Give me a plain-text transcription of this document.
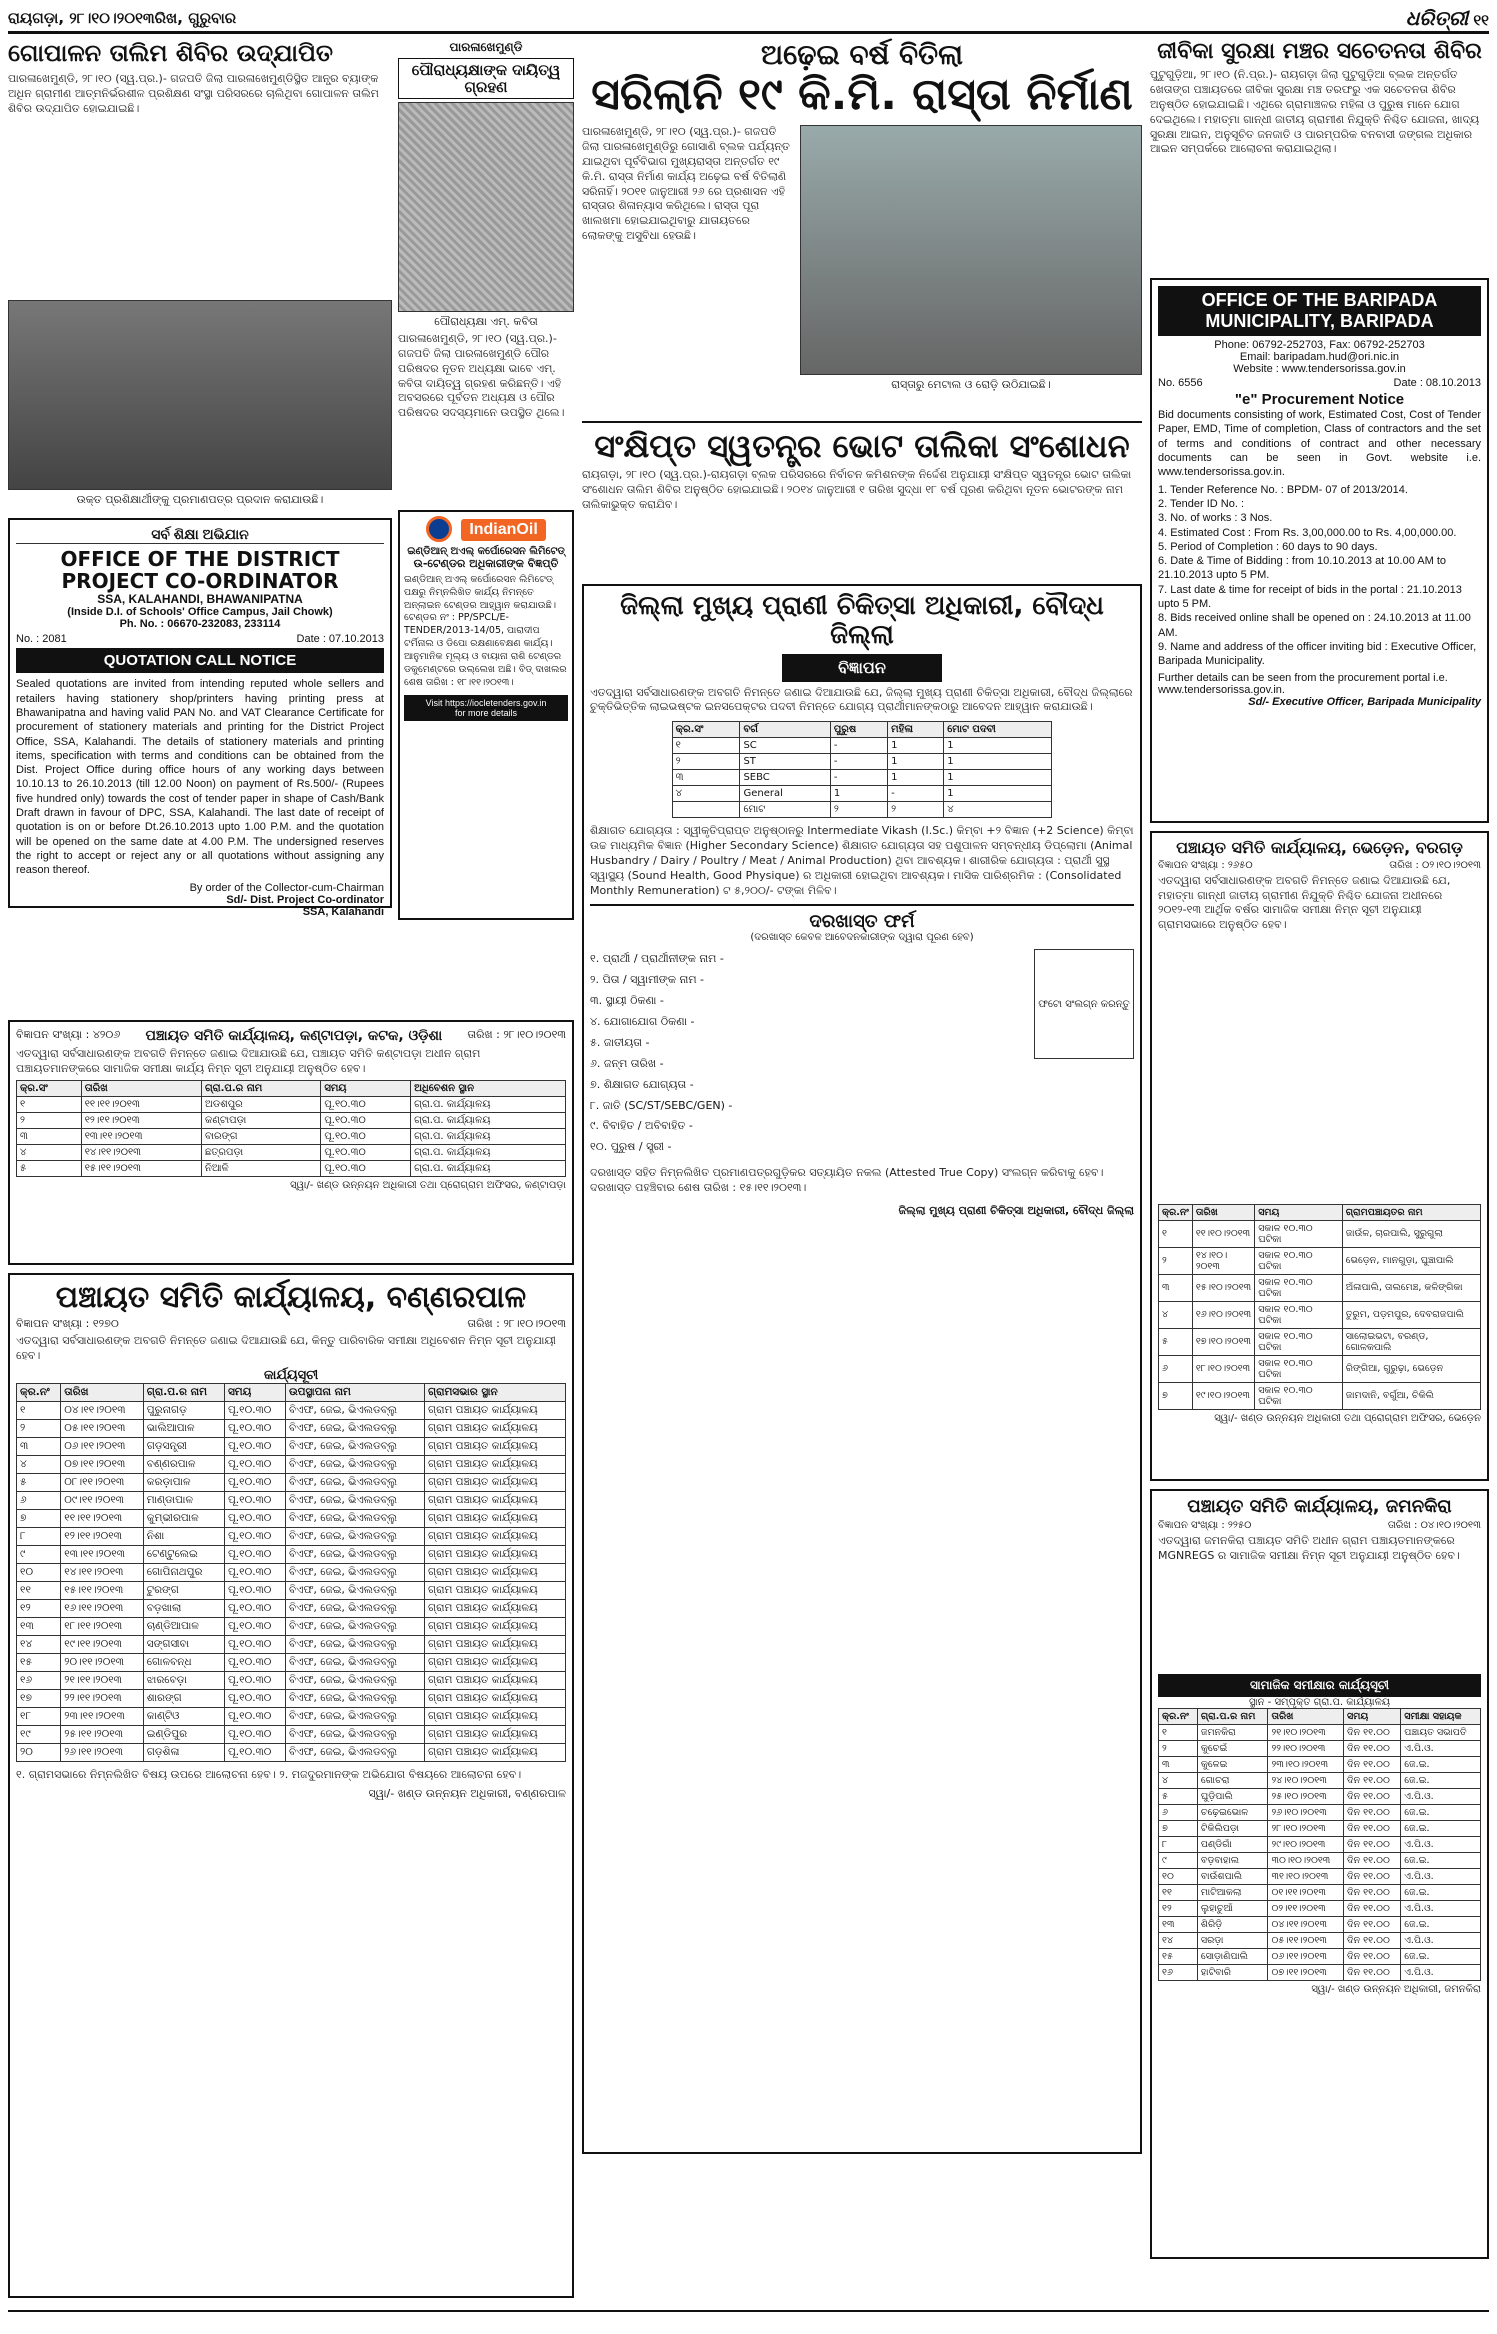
ରାୟଗଡ଼ା, ୨୮।୧୦।୨୦୧୩ରିଖ, ଗୁରୁବାର	ଧରିତ୍ରୀ ୧୧
ଗୋପାଳନ ତାଲିମ ଶିବିର ଉଦ୍‌ଯାପିତ

ପାରଳାଖେମୁଣ୍ଡି, ୨୮।୧୦ (ସ୍ୱ.ପ୍ର.)- ଗଜପତି ଜିଲା ପାରଳାଖେମୁଣ୍ଡିସ୍ଥିତ ଆନ୍ଧ୍ର ବ୍ୟାଙ୍କ ଅଧିନ ଗ୍ରାମୀଣ ଆତ୍ମନିର୍ଭରଶୀଳ ପ୍ରଶିକ୍ଷଣ ସଂସ୍ଥା ପରିସରରେ ଚାଲିଥିବା ଗୋପାଳନ ତାଲିମ ଶିବିର ଉଦ୍‌ଯାପିତ ହୋଇଯାଇଛି।

ଉକ୍ତ ପ୍ରଶିକ୍ଷାର୍ଥୀଙ୍କୁ ପ୍ରମାଣପତ୍ର ପ୍ରଦାନ କରାଯାଉଛି।

ସର୍ବ ଶିକ୍ଷା ଅଭିଯାନ
OFFICE OF THE DISTRICT PROJECT CO-ORDINATOR

SSA, KALAHANDI, BHAWANIPATNA

(Inside D.I. of Schools' Office Campus, Jail Chowk)

Ph. No. : 06670-232083, 233114

No. : 2081	Date : 07.10.2013
QUOTATION CALL NOTICE

Sealed quotations are invited from intending reputed whole sellers and retailers having stationery shop/printers having printing press at Bhawanipatna and having valid PAN No. and VAT Clearance Certificate for procurement of stationery materials and printing for the District Project Office, SSA, Kalahandi. The details of stationery materials and printing items, specification with terms and conditions can be obtained from the Dist. Project Office during office hours of any working days between 10.10.13 to 26.10.2013 (till 12.00 Noon) on payment of Rs.500/- (Rupees five hundred only) towards the cost of tender paper in shape of Cash/Bank Draft drawn in favour of DPC, SSA, Kalahandi. The last date of receipt of quotation is on or before Dt.26.10.2013 upto 1.00 P.M. and the quotation will be opened on the same date at 4.00 P.M. The undersigned reserves the right to accept or reject any or all quotations without assigning any reason thereof.

By order of the Collector-cum-Chairman

Sd/- Dist. Project Co-ordinator

SSA, Kalahandi

ବିଜ୍ଞାପନ ସଂଖ୍ୟା : ୪୨୦୬ ପଞ୍ଚାୟତ ସମିତି କାର୍ଯ୍ୟାଳୟ, କଣ୍ଟାପଡ଼ା, କଟକ, ଓଡ଼ିଶା ତାରିଖ : ୨୮।୧୦।୨୦୧୩

ଏତଦ୍ୱାରା ସର୍ବସାଧାରଣଙ୍କ ଅବଗତି ନିମନ୍ତେ ଜଣାଇ ଦିଆଯାଉଛି ଯେ, ପଞ୍ଚାୟତ ସମିତି କଣ୍ଟାପଡ଼ା ଅଧୀନ ଗ୍ରାମ ପଞ୍ଚାୟତମାନଙ୍କରେ ସାମାଜିକ ସମୀକ୍ଷା କାର୍ଯ୍ୟ ନିମ୍ନ ସୂଚୀ ଅନୁଯାୟୀ ଅନୁଷ୍ଠିତ ହେବ।

କ୍ର.ସଂ	ତାରିଖ	ଗ୍ରା.ପ.ର ନାମ	ସମୟ	ଅଧିବେଶନ ସ୍ଥାନ
୧	୧୧।୧୧।୨୦୧୩	ଅଡଶପୁର	ପୂ.୧୦.୩୦	ଗ୍ରା.ପ. କାର୍ଯ୍ୟାଳୟ
୨	୧୨।୧୧।୨୦୧୩	କଣ୍ଟାପଡ଼ା	ପୂ.୧୦.୩୦	ଗ୍ରା.ପ. କାର୍ଯ୍ୟାଳୟ
୩	୧୩।୧୧।୨୦୧୩	ବାରଙ୍ଗ	ପୂ.୧୦.୩୦	ଗ୍ରା.ପ. କାର୍ଯ୍ୟାଳୟ
୪	୧୪।୧୧।୨୦୧୩	ଛତ୍ରପଡ଼ା	ପୂ.୧୦.୩୦	ଗ୍ରା.ପ. କାର୍ଯ୍ୟାଳୟ
୫	୧୫।୧୧।୨୦୧୩	ନିଆଳି	ପୂ.୧୦.୩୦	ଗ୍ରା.ପ. କାର୍ଯ୍ୟାଳୟ

ସ୍ୱା/- ଖଣ୍ଡ ଉନ୍ନୟନ ଅଧିକାରୀ ତଥା ପ୍ରୋଗ୍ରାମ ଅଫିସର, କଣ୍ଟାପଡ଼ା

ପଞ୍ଚାୟତ ସମିତି କାର୍ଯ୍ୟାଳୟ, ବଣ୍ଣରପାଳ
ବିଜ୍ଞାପନ ସଂଖ୍ୟା : ୧୨୭୦	ତାରିଖ : ୨୮।୧୦।୨୦୧୩

ଏତଦ୍ୱାରା ସର୍ବସାଧାରଣଙ୍କ ଅବଗତି ନିମନ୍ତେ ଜଣାଇ ଦିଆଯାଉଛି ଯେ, କିନ୍ତୁ ପାରିବାରିକ ସମୀକ୍ଷା ଅଧିବେଶନ ନିମ୍ନ ସୂଚୀ ଅନୁଯାୟୀ ହେବ।

କାର୍ଯ୍ୟସୂଚୀ

କ୍ର.ନଂ	ତାରିଖ	ଗ୍ରା.ପ.ର ନାମ	ସମୟ	ଉପସ୍ଥାପନା ନାମ	ଗ୍ରାମସଭାର ସ୍ଥାନ
୧	୦୪।୧୧।୨୦୧୩	ପୁରୁନାଗଡ଼	ପୂ.୧୦.୩୦	ବିଏଫ, ଜେଇ, ଭିଏଲଡବ୍ଲୁ	ଗ୍ରାମ ପଞ୍ଚାୟତ କାର୍ଯ୍ୟାଳୟ
୨	୦୫।୧୧।୨୦୧୩	ଭାଲିଆପାଳ	ପୂ.୧୦.୩୦	ବିଏଫ, ଜେଇ, ଭିଏଲଡବ୍ଲୁ	ଗ୍ରାମ ପଞ୍ଚାୟତ କାର୍ଯ୍ୟାଳୟ
୩	୦୬।୧୧।୨୦୧୩	ଗଡ଼ସନ୍ତ୍ରୀ	ପୂ.୧୦.୩୦	ବିଏଫ, ଜେଇ, ଭିଏଲଡବ୍ଲୁ	ଗ୍ରାମ ପଞ୍ଚାୟତ କାର୍ଯ୍ୟାଳୟ
୪	୦୭।୧୧।୨୦୧୩	ବଣ୍ଣରପାଳ	ପୂ.୧୦.୩୦	ବିଏଫ, ଜେଇ, ଭିଏଲଡବ୍ଲୁ	ଗ୍ରାମ ପଞ୍ଚାୟତ କାର୍ଯ୍ୟାଳୟ
୫	୦୮।୧୧।୨୦୧୩	କରଡ଼ାପାଳ	ପୂ.୧୦.୩୦	ବିଏଫ, ଜେଇ, ଭିଏଲଡବ୍ଲୁ	ଗ୍ରାମ ପଞ୍ଚାୟତ କାର୍ଯ୍ୟାଳୟ
୬	୦୯।୧୧।୨୦୧୩	ମାଣ୍ଡାପାଳ	ପୂ.୧୦.୩୦	ବିଏଫ, ଜେଇ, ଭିଏଲଡବ୍ଲୁ	ଗ୍ରାମ ପଞ୍ଚାୟତ କାର୍ଯ୍ୟାଳୟ
୭	୧୧।୧୧।୨୦୧୩	କୁମ୍ଭୀରପାଳ	ପୂ.୧୦.୩୦	ବିଏଫ, ଜେଇ, ଭିଏଲଡବ୍ଲୁ	ଗ୍ରାମ ପଞ୍ଚାୟତ କାର୍ଯ୍ୟାଳୟ
୮	୧୨।୧୧।୨୦୧୩	ନିଶା	ପୂ.୧୦.୩୦	ବିଏଫ, ଜେଇ, ଭିଏଲଡବ୍ଲୁ	ଗ୍ରାମ ପଞ୍ଚାୟତ କାର୍ଯ୍ୟାଳୟ
୯	୧୩।୧୧।୨୦୧୩	ଟେଣ୍ଟୁଲେଇ	ପୂ.୧୦.୩୦	ବିଏଫ, ଜେଇ, ଭିଏଲଡବ୍ଲୁ	ଗ୍ରାମ ପଞ୍ଚାୟତ କାର୍ଯ୍ୟାଳୟ
୧୦	୧୪।୧୧।୨୦୧୩	ଗୋପିନାଥପୁର	ପୂ.୧୦.୩୦	ବିଏଫ, ଜେଇ, ଭିଏଲଡବ୍ଲୁ	ଗ୍ରାମ ପଞ୍ଚାୟତ କାର୍ଯ୍ୟାଳୟ
୧୧	୧୫।୧୧।୨୦୧୩	ଟୁରଙ୍ଗ	ପୂ.୧୦.୩୦	ବିଏଫ, ଜେଇ, ଭିଏଲଡବ୍ଲୁ	ଗ୍ରାମ ପଞ୍ଚାୟତ କାର୍ଯ୍ୟାଳୟ
୧୨	୧୬।୧୧।୨୦୧୩	ବଡ଼ଖାଲା	ପୂ.୧୦.୩୦	ବିଏଫ, ଜେଇ, ଭିଏଲଡବ୍ଲୁ	ଗ୍ରାମ ପଞ୍ଚାୟତ କାର୍ଯ୍ୟାଳୟ
୧୩	୧୮।୧୧।୨୦୧୩	ଚାଣ୍ଡିଆପାଳ	ପୂ.୧୦.୩୦	ବିଏଫ, ଜେଇ, ଭିଏଲଡବ୍ଲୁ	ଗ୍ରାମ ପଞ୍ଚାୟତ କାର୍ଯ୍ୟାଳୟ
୧୪	୧୯।୧୧।୨୦୧୩	ସଙ୍ଗସୀବା	ପୂ.୧୦.୩୦	ବିଏଫ, ଜେଇ, ଭିଏଲଡବ୍ଲୁ	ଗ୍ରାମ ପଞ୍ଚାୟତ କାର୍ଯ୍ୟାଳୟ
୧୫	୨୦।୧୧।୨୦୧୩	ଗୋଳବନ୍ଧ	ପୂ.୧୦.୩୦	ବିଏଫ, ଜେଇ, ଭିଏଲଡବ୍ଲୁ	ଗ୍ରାମ ପଞ୍ଚାୟତ କାର୍ଯ୍ୟାଳୟ
୧୬	୨୧।୧୧।୨୦୧୩	ଝାରବେଡ଼ା	ପୂ.୧୦.୩୦	ବିଏଫ, ଜେଇ, ଭିଏଲଡବ୍ଲୁ	ଗ୍ରାମ ପଞ୍ଚାୟତ କାର୍ଯ୍ୟାଳୟ
୧୭	୨୨।୧୧।୨୦୧୩	ଶାରଙ୍ଗ	ପୂ.୧୦.୩୦	ବିଏଫ, ଜେଇ, ଭିଏଲଡବ୍ଲୁ	ଗ୍ରାମ ପଞ୍ଚାୟତ କାର୍ଯ୍ୟାଳୟ
୧୮	୨୩।୧୧।୨୦୧୩	କାଣ୍ଟିଓ	ପୂ.୧୦.୩୦	ବିଏଫ, ଜେଇ, ଭିଏଲଡବ୍ଲୁ	ଗ୍ରାମ ପଞ୍ଚାୟତ କାର୍ଯ୍ୟାଳୟ
୧୯	୨୫।୧୧।୨୦୧୩	ଇଣ୍ଡିପୁର	ପୂ.୧୦.୩୦	ବିଏଫ, ଜେଇ, ଭିଏଲଡବ୍ଲୁ	ଗ୍ରାମ ପଞ୍ଚାୟତ କାର୍ଯ୍ୟାଳୟ
୨୦	୨୬।୧୧।୨୦୧୩	ଗଡ଼ଶିଳା	ପୂ.୧୦.୩୦	ବିଏଫ, ଜେଇ, ଭିଏଲଡବ୍ଲୁ	ଗ୍ରାମ ପଞ୍ଚାୟତ କାର୍ଯ୍ୟାଳୟ

୧. ଗ୍ରାମସଭାରେ ନିମ୍ନଲିଖିତ ବିଷୟ ଉପରେ ଆଲୋଚନା ହେବ। ୨. ମଜଦୁରମାନଙ୍କ ଅଭିଯୋଗ ବିଷୟରେ ଆଲୋଚନା ହେବ।

ସ୍ୱା/- ଖଣ୍ଡ ଉନ୍ନୟନ ଅଧିକାରୀ, ବଣ୍ଣରପାଳ

ପାରଳାଖେମୁଣ୍ଡି

ପୌରାଧ୍ୟକ୍ଷାଙ୍କ ଦାୟିତ୍ୱ ଗ୍ରହଣ

ପୌରାଧ୍ୟକ୍ଷା ଏମ୍. କବିତା

ପାରଳାଖେମୁଣ୍ଡି, ୨୮।୧୦ (ସ୍ୱ.ପ୍ର.)- ଗଜପତି ଜିଲା ପାରଳାଖେମୁଣ୍ଡି ପୌର ପରିଷଦର ନୂତନ ଅଧ୍ୟକ୍ଷା ଭାବେ ଏମ୍. କବିତା ଦାୟିତ୍ୱ ଗ୍ରହଣ କରିଛନ୍ତି। ଏହି ଅବସରରେ ପୂର୍ବତନ ଅଧ୍ୟକ୍ଷ ଓ ପୌର ପରିଷଦର ସଦସ୍ୟମାନେ ଉପସ୍ଥିତ ଥିଲେ।

IndianOil

ଇଣ୍ଡିଆନ୍ ଅଏଲ୍ କର୍ପୋରେସନ ଲିମିଟେଡ୍

ଉ-ଟେଣ୍ଡର ଅଧିକାରୀଙ୍କ ବିଜ୍ଞପ୍ତି

ଇଣ୍ଡିଆନ୍ ଅଏଲ୍ କର୍ପୋରେସନ ଲିମିଟେଡ୍ ପକ୍ଷରୁ ନିମ୍ନଲିଖିତ କାର୍ଯ୍ୟ ନିମନ୍ତେ ଅନ୍‌ଲାଇନ ଟେଣ୍ଡର ଆହ୍ୱାନ କରାଯାଉଛି। ଟେଣ୍ଡର ନଂ : PP/SPCL/E-TENDER/2013-14/05, ପାରାଦୀପ ଟର୍ମିନାଲ ଓ ଡିପୋ ରକ୍ଷଣାବେକ୍ଷଣ କାର୍ଯ୍ୟ। ଆନୁମାନିକ ମୂଲ୍ୟ ଓ ବାୟାନା ରାଶି ଟେଣ୍ଡର ଡକୁମେଣ୍ଟରେ ଉଲ୍ଲେଖ ଅଛି। ବିଡ୍ ଦାଖଲର ଶେଷ ତାରିଖ : ୧୮।୧୧।୨୦୧୩।

Visit https://iocletenders.gov.in
for more details
ଅଢ଼େଇ ବର୍ଷ ବିତିଲା
ସରିଲାନି ୧୯ କି.ମି. ରାସ୍ତା ନିର୍ମାଣ

ପାରଳାଖେମୁଣ୍ଡି, ୨୮।୧୦ (ସ୍ୱ.ପ୍ର.)- ଗଜପତି ଜିଲା ପାରଳାଖେମୁଣ୍ଡିରୁ ଗୋସାଣି ବ୍ଲକ ପର୍ଯ୍ୟନ୍ତ ଯାଇଥିବା ପୂର୍ବବିଭାଗ ମୁଖ୍ୟରାସ୍ତା ଅନ୍ତର୍ଗତ ୧୯ କି.ମି. ରାସ୍ତା ନିର୍ମାଣ କାର୍ଯ୍ୟ ଅଢ଼େଇ ବର୍ଷ ବିତିଲାଣି ସରିନାହିଁ। ୨୦୧୧ ଜାନୁଆରୀ ୨୬ ରେ ପ୍ରଶାସନ ଏହି ରାସ୍ତାର ଶିଳାନ୍ୟାସ କରିଥିଲେ। ରାସ୍ତା ପୂରା ଖାଲଖମା ହୋଇଯାଇଥିବାରୁ ଯାତାୟତରେ ଲୋକଙ୍କୁ ଅସୁବିଧା ହେଉଛି।

ରାସ୍ତାରୁ ମେଟାଲ ଓ ରୋଡ଼ି ଉଠିଯାଇଛି।

ସଂକ୍ଷିପ୍ତ ସ୍ୱତନ୍ତ୍ର ଭୋଟ ତାଲିକା ସଂଶୋଧନ

ରାୟଗଡ଼ା, ୨୮।୧୦ (ସ୍ୱ.ପ୍ର.)-ରାୟଗଡ଼ା ବ୍ଲକ ପରିସରରେ ନିର୍ବାଚନ କମିଶନଙ୍କ ନିର୍ଦ୍ଦେଶ ଅନୁଯାୟୀ ସଂକ୍ଷିପ୍ତ ସ୍ୱତନ୍ତ୍ର ଭୋଟ ତାଲିକା ସଂଶୋଧନ ତାଲିମ ଶିବିର ଅନୁଷ୍ଠିତ ହୋଇଯାଇଛି। ୨୦୧୪ ଜାନୁଆରୀ ୧ ତାରିଖ ସୁଦ୍ଧା ୧୮ ବର୍ଷ ପୂରଣ କରିଥିବା ନୂତନ ଭୋଟରଙ୍କ ନାମ ତାଲିକାଭୁକ୍ତ କରାଯିବ।

ଜିଲ୍ଲା ମୁଖ୍ୟ ପ୍ରାଣୀ ଚିକିତ୍ସା ଅଧିକାରୀ, ବୌଦ୍ଧ ଜିଲ୍ଲା
ବିଜ୍ଞାପନ

ଏତଦ୍ୱାରା ସର୍ବସାଧାରଣଙ୍କ ଅବଗତି ନିମନ୍ତେ ଜଣାଇ ଦିଆଯାଉଛି ଯେ, ଜିଲ୍ଲା ମୁଖ୍ୟ ପ୍ରାଣୀ ଚିକିତ୍ସା ଅଧିକାରୀ, ବୌଦ୍ଧ ଜିଲ୍ଲାରେ ଚୁକ୍ତିଭିତ୍ତିକ ଲାଇଭଷ୍ଟକ ଇନସପେକ୍ଟର ପଦବୀ ନିମନ୍ତେ ଯୋଗ୍ୟ ପ୍ରାର୍ଥୀମାନଙ୍କଠାରୁ ଆବେଦନ ଆହ୍ୱାନ କରାଯାଉଛି।

କ୍ର.ସଂ	ବର୍ଗ	ପୁରୁଷ	ମହିଳା	ମୋଟ ପଦବୀ
୧	SC	-	1	1
୨	ST	-	1	1
୩	SEBC	-	1	1
୪	General	1	-	1
	ମୋଟ	୨	୨	୪

ଶିକ୍ଷାଗତ ଯୋଗ୍ୟତା : ସ୍ୱୀକୃତିପ୍ରାପ୍ତ ଅନୁଷ୍ଠାନରୁ Intermediate Vikash (I.Sc.) କିମ୍ବା +୨ ବିଜ୍ଞାନ (+2 Science) କିମ୍ବା ଉଚ୍ଚ ମାଧ୍ୟମିକ ବିଜ୍ଞାନ (Higher Secondary Science) ଶିକ୍ଷାଗତ ଯୋଗ୍ୟତା ସହ ପଶୁପାଳନ ସମ୍ବନ୍ଧୀୟ ଡିପ୍ଲୋମା (Animal Husbandry / Dairy / Poultry / Meat / Animal Production) ଥିବା ଆବଶ୍ୟକ। ଶାରୀରିକ ଯୋଗ୍ୟତା : ପ୍ରାର୍ଥୀ ସୁସ୍ଥ ସ୍ୱାସ୍ଥ୍ୟ (Sound Health, Good Physique) ର ଅଧିକାରୀ ହୋଇଥିବା ଆବଶ୍ୟକ। ମାସିକ ପାରିଶ୍ରମିକ : (Consolidated Monthly Remuneration) ଟ ୫,୨୦୦/- ଟଙ୍କା ମିଳିବ।

ଦରଖାସ୍ତ ଫର୍ମ

(ଦରଖାସ୍ତ କେବଳ ଆବେଦନକାରୀଙ୍କ ଦ୍ୱାରା ପୂରଣ ହେବ)

୧. ପ୍ରାର୍ଥୀ / ପ୍ରାର୍ଥୀନୀଙ୍କ ନାମ -
୨. ପିତା / ସ୍ୱାମୀଙ୍କ ନାମ -
୩. ସ୍ଥାୟୀ ଠିକଣା -
୪. ଯୋଗାଯୋଗ ଠିକଣା -
୫. ଜାତୀୟତା -
୬. ଜନ୍ମ ତାରିଖ -
୭. ଶିକ୍ଷାଗତ ଯୋଗ୍ୟତା -
୮. ଜାତି (SC/ST/SEBC/GEN) -
୯. ବିବାହିତ / ଅବିବାହିତ -
୧୦. ପୁରୁଷ / ସ୍ତ୍ରୀ -
ଫଟୋ ସଂଲଗ୍ନ କରନ୍ତୁ

ଦରଖାସ୍ତ ସହିତ ନିମ୍ନଲିଖିତ ପ୍ରମାଣପତ୍ରଗୁଡ଼ିକର ସତ୍ୟାୟିତ ନକଲ (Attested True Copy) ସଂଲଗ୍ନ କରିବାକୁ ହେବ। ଦରଖାସ୍ତ ପହଞ୍ଚିବାର ଶେଷ ତାରିଖ : ୧୫।୧୧।୨୦୧୩।

ଜିଲ୍ଲା ମୁଖ୍ୟ ପ୍ରାଣୀ ଚିକିତ୍ସା ଅଧିକାରୀ, ବୌଦ୍ଧ ଜିଲ୍ଲା

ଜୀବିକା ସୁରକ୍ଷା ମଞ୍ଚର ସଚେତନତା ଶିବିର

ପୁଟୁଗୁଡ଼ିଆ, ୨୮।୧୦ (ନି.ପ୍ର.)- ରାୟଗଡ଼ା ଜିଲା ପୁଟୁଗୁଡ଼ିଆ ବ୍ଲକ ଅନ୍ତର୍ଗତ ଖେତାଙ୍ଗ ପଞ୍ଚାୟତରେ ଜୀବିକା ସୁରକ୍ଷା ମଞ୍ଚ ତରଫରୁ ଏକ ସଚେତନତା ଶିବିର ଅନୁଷ୍ଠିତ ହୋଇଯାଇଛି। ଏଥିରେ ଗ୍ରାମାଞ୍ଚଳର ମହିଳା ଓ ପୁରୁଷ ମାନେ ଯୋଗ ଦେଇଥିଲେ। ମହାତ୍ମା ଗାନ୍ଧୀ ଜାତୀୟ ଗ୍ରାମୀଣ ନିଯୁକ୍ତି ନିଶ୍ଚିତ ଯୋଜନା, ଖାଦ୍ୟ ସୁରକ୍ଷା ଆଇନ, ଅନୁସୂଚିତ ଜନଜାତି ଓ ପାରମ୍ପରିକ ବନବାସୀ ଜଙ୍ଗଲ ଅଧିକାର ଆଇନ ସମ୍ପର୍କରେ ଆଲୋଚନା କରାଯାଇଥିଲା।

OFFICE OF THE BARIPADA
MUNICIPALITY, BARIPADA

Phone: 06792-252703, Fax: 06792-252703

Email: baripadam.hud@ori.nic.in

Website : www.tendersorissa.gov.in

No. 6556	Date : 08.10.2013

"e" Procurement Notice

Bid documents consisting of work, Estimated Cost, Cost of Tender Paper, EMD, Time of completion, Class of contractors and the set of terms and conditions of contract and other necessary documents can be seen in Govt. website i.e. www.tendersorissa.gov.in.

1. Tender Reference No. : BPDM- 07 of 2013/2014.
2. Tender ID No. :
3. No. of works : 3 Nos.
4. Estimated Cost : From Rs. 3,00,000.00 to Rs. 4,00,000.00.
5. Period of Completion : 60 days to 90 days.
6. Date & Time of Bidding : from 10.10.2013 at 10.00 AM to 21.10.2013 upto 5 PM.
7. Last date & time for receipt of bids in the portal : 21.10.2013 upto 5 PM.
8. Bids received online shall be opened on : 24.10.2013 at 11.00 AM.
9. Name and address of the officer inviting bid : Executive Officer, Baripada Municipality.

Further details can be seen from the procurement portal i.e. www.tendersorissa.gov.in.

Sd/- Executive Officer, Baripada Municipality

ପଞ୍ଚାୟତ ସମିତି କାର୍ଯ୍ୟାଳୟ, ଭେଡ଼େନ, ବରଗଡ଼
ବିଜ୍ଞାପନ ସଂଖ୍ୟା : ୨୬୫୦	ତାରିଖ : ୦୨।୧୦।୨୦୧୩

ଏତଦ୍ୱାରା ସର୍ବସାଧାରଣଙ୍କ ଅବଗତି ନିମନ୍ତେ ଜଣାଇ ଦିଆଯାଉଛି ଯେ, ମହାତ୍ମା ଗାନ୍ଧୀ ଜାତୀୟ ଗ୍ରାମୀଣ ନିଯୁକ୍ତି ନିଶ୍ଚିତ ଯୋଜନା ଅଧୀନରେ ୨୦୧୨-୧୩ ଆର୍ଥିକ ବର୍ଷର ସାମାଜିକ ସମୀକ୍ଷା ନିମ୍ନ ସୂଚୀ ଅନୁଯାୟୀ ଗ୍ରାମସଭାରେ ଅନୁଷ୍ଠିତ ହେବ।

କ୍ର.ନଂ	ତାରିଖ	ସମୟ	ଗ୍ରାମପଞ୍ଚାୟତର ନାମ
୧	୧୧।୧୦।୨୦୧୩	ସକାଳ ୧୦.୩୦ ଘଟିକା	ଜାଉଁଳ, ଚାରପାଲି, ସୁରୁଗୁଲା
୨	୧୪।୧୦।୨୦୧୩	ସକାଳ ୧୦.୩୦ ଘଟିକା	ଭେଡ଼େନ, ମାନଗୁଡ଼ା, ଘୁଞ୍ଚାପାଲି
୩	୧୫।୧୦।୨୦୧୩	ସକାଳ ୧୦.୩୦ ଘଟିକା	ଅଁଳାପାଲି, ତାଲମେଞ୍ଚ, କଳିଙ୍ଗିକା
୪	୧୬।୧୦।୨୦୧୩	ସକାଳ ୧୦.୩୦ ଘଟିକା	ତୁରୁମ, ପଡ଼ମପୁର, ଦେବରାଜପାଲି
୫	୧୭।୧୦।୨୦୧୩	ସକାଳ ୧୦.୩୦ ଘଟିକା	ସାଲୋଇଭଟା, ବରଣ୍ଡ, ଗୋଳକପାଲି
୬	୧୮।୧୦।୨୦୧୩	ସକାଳ ୧୦.୩୦ ଘଟିକା	ରିଙ୍ଗିଆ, ଗୁରୁଢ଼ା, ଭେଡ଼େନ
୭	୧୯।୧୦।୨୦୧୩	ସକାଳ ୧୦.୩୦ ଘଟିକା	ଜାମଦାନି, ବର୍ଗୁଆ, ଚିକିଲି

ସ୍ୱା/- ଖଣ୍ଡ ଉନ୍ନୟନ ଅଧିକାରୀ ତଥା ପ୍ରୋଗ୍ରାମ ଅଫିସର, ଭେଡ଼େନ

ପଞ୍ଚାୟତ ସମିତି କାର୍ଯ୍ୟାଳୟ, ଜମନକିରା
ବିଜ୍ଞାପନ ସଂଖ୍ୟା : ୨୨୫୦	ତାରିଖ : ୦୪।୧୦।୨୦୧୩

ଏତଦ୍ୱାରା ଜମନକିରା ପଞ୍ଚାୟତ ସମିତି ଅଧୀନ ଗ୍ରାମ ପଞ୍ଚାୟତମାନଙ୍କରେ MGNREGS ର ସାମାଜିକ ସମୀକ୍ଷା ନିମ୍ନ ସୂଚୀ ଅନୁଯାୟୀ ଅନୁଷ୍ଠିତ ହେବ।

ସାମାଜିକ ସମୀକ୍ଷାର କାର୍ଯ୍ୟସୂଚୀ

ସ୍ଥାନ - ସମ୍ପୃକ୍ତ ଗ୍ରା.ପ. କାର୍ଯ୍ୟାଳୟ

କ୍ର.ନଂ	ଗ୍ରା.ପ.ର ନାମ	ତାରିଖ	ସମୟ	ସମୀକ୍ଷା ସହାୟକ
୧	ଜମନକିରା	୨୧।୧୦।୨୦୧୩	ଦିନ ୧୧.୦୦	ପଞ୍ଚାୟତ ସଭାପତି
୨	କୁଚେଇଁ	୨୨।୧୦।୨୦୧୩	ଦିନ ୧୧.୦୦	ଏ.ପି.ଓ.
୩	କୁଳେଇ	୨୩।୧୦।୨୦୧୩	ଦିନ ୧୧.୦୦	ଜେ.ଇ.
୪	ଗୋଚରା	୨୪।୧୦।୨୦୧୩	ଦିନ ୧୧.୦୦	ଜେ.ଇ.
୫	ଘୁଡ଼ିପାଲି	୨୫।୧୦।୨୦୧୩	ଦିନ ୧୧.୦୦	ଏ.ପି.ଓ.
୬	ଚଢ଼େଇଭୋଳ	୨୬।୧୦।୨୦୧୩	ଦିନ ୧୧.୦୦	ଜେ.ଇ.
୭	ଟିକିଲିପଡ଼ା	୨୮।୧୦।୨୦୧୩	ଦିନ ୧୧.୦୦	ଜେ.ଇ.
୮	ପଣ୍ଡିଗାଁ	୨୯।୧୦।୨୦୧୩	ଦିନ ୧୧.୦୦	ଏ.ପି.ଓ.
୯	ବଡ଼ବାହାଲ	୩୦।୧୦।୨୦୧୩	ଦିନ ୧୧.୦୦	ଜେ.ଇ.
୧୦	ବାଉଁଶପାଲି	୩୧।୧୦।୨୦୧୩	ଦିନ ୧୧.୦୦	ଏ.ପି.ଓ.
୧୧	ମାଟିଆକଲା	୦୧।୧୧।୨୦୧୩	ଦିନ ୧୧.୦୦	ଜେ.ଇ.
୧୨	ଲୁହାଚୁଆଁ	୦୨।୧୧।୨୦୧୩	ଦିନ ୧୧.୦୦	ଏ.ପି.ଓ.
୧୩	ଶିରିଡ଼ି	୦୪।୧୧।୨୦୧୩	ଦିନ ୧୧.୦୦	ଜେ.ଇ.
୧୪	ସରଡ଼ା	୦୫।୧୧।୨୦୧୩	ଦିନ ୧୧.୦୦	ଏ.ପି.ଓ.
୧୫	ସୋଡ଼ାଣିପାଲି	୦୬।୧୧।୨୦୧୩	ଦିନ ୧୧.୦୦	ଜେ.ଇ.
୧୬	ହାଟିବାରି	୦୭।୧୧।୨୦୧୩	ଦିନ ୧୧.୦୦	ଏ.ପି.ଓ.

ସ୍ୱା/- ଖଣ୍ଡ ଉନ୍ନୟନ ଅଧିକାରୀ, ଜମନକିରା
